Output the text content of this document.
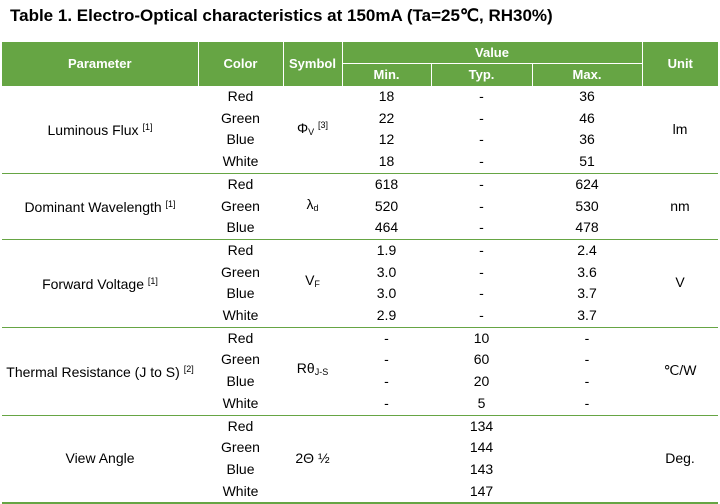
Table 1. Electro-Optical characteristics at 150mA (Ta=25℃, RH30%)
Parameter	Color	Symbol	Value			Unit
			Min.	Typ.	Max.	
Luminous Flux [1]	Red	$\Phi_V$ [3]	18	-	36	lm
	Green		22	-	46	
	Blue		12	-	36	
	White		18	-	51	
Dominant Wavelength [1]	Red	$\lambda_d$	618	-	624	nm
	Green		520	-	530	
	Blue		464	-	478	
Forward Voltage [1]	Red	$V_F$	1.9	-	2.4	V
	Green		3.0	-	3.6	
	Blue		3.0	-	3.7	
	White		2.9	-	3.7	
Thermal Resistance (J to S) [2]	Red	$R\theta_{J-S}$	-	10	-	℃/W
	Green		-	60	-	
	Blue		-	20	-	
	White		-	5	-	
View Angle	Red	2Θ ½		134		Deg.
	Green			144		
	Blue			143		
	White			147		
